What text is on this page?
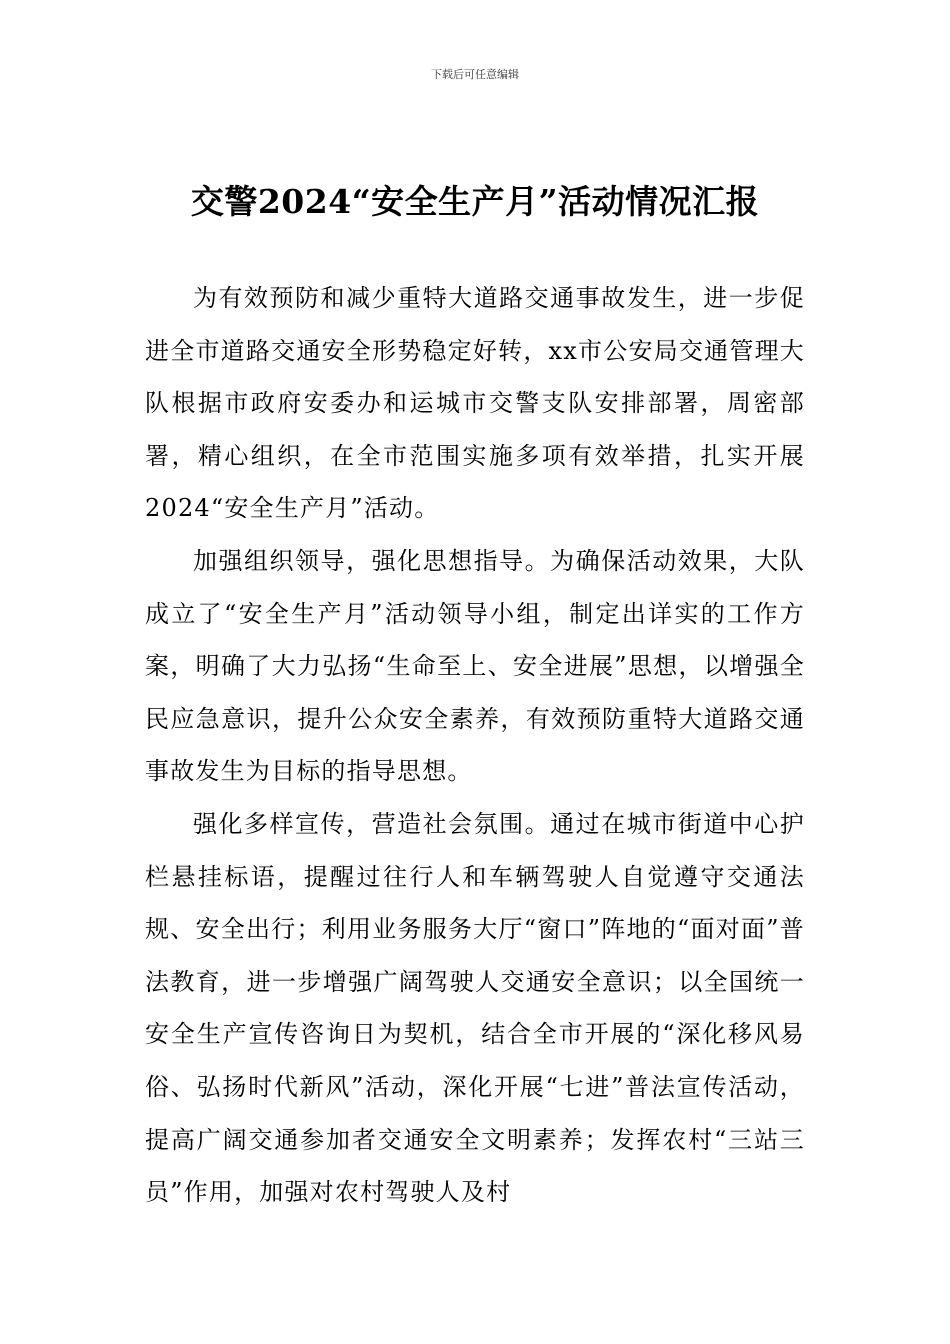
下载后可任意编辑
交警2024“安全生产月”活动情况汇报

为有效预防和减少重特大道路交通事故发生，进一步促进全市道路交通安全形势稳定好转，xx市公安局交通管理大队根据市政府安委办和运城市交警支队安排部署，周密部署，精心组织，在全市范围实施多项有效举措，扎实开展2024“安全生产月”活动。

加强组织领导，强化思想指导。为确保活动效果，大队成立了“安全生产月”活动领导小组，制定出详实的工作方案，明确了大力弘扬“生命至上、安全进展”思想，以增强全民应急意识，提升公众安全素养，有效预防重特大道路交通事故发生为目标的指导思想。

强化多样宣传，营造社会氛围。通过在城市街道中心护栏悬挂标语，提醒过往行人和车辆驾驶人自觉遵守交通法规、安全出行；利用业务服务大厅“窗口”阵地的“面对面”普法教育，进一步增强广阔驾驶人交通安全意识；以全国统一安全生产宣传咨询日为契机，结合全市开展的“深化移风易俗、弘扬时代新风”活动，深化开展“七进”普法宣传活动，提高广阔交通参加者交通安全文明素养；发挥农村“三站三员”作用，加强对农村驾驶人及村
